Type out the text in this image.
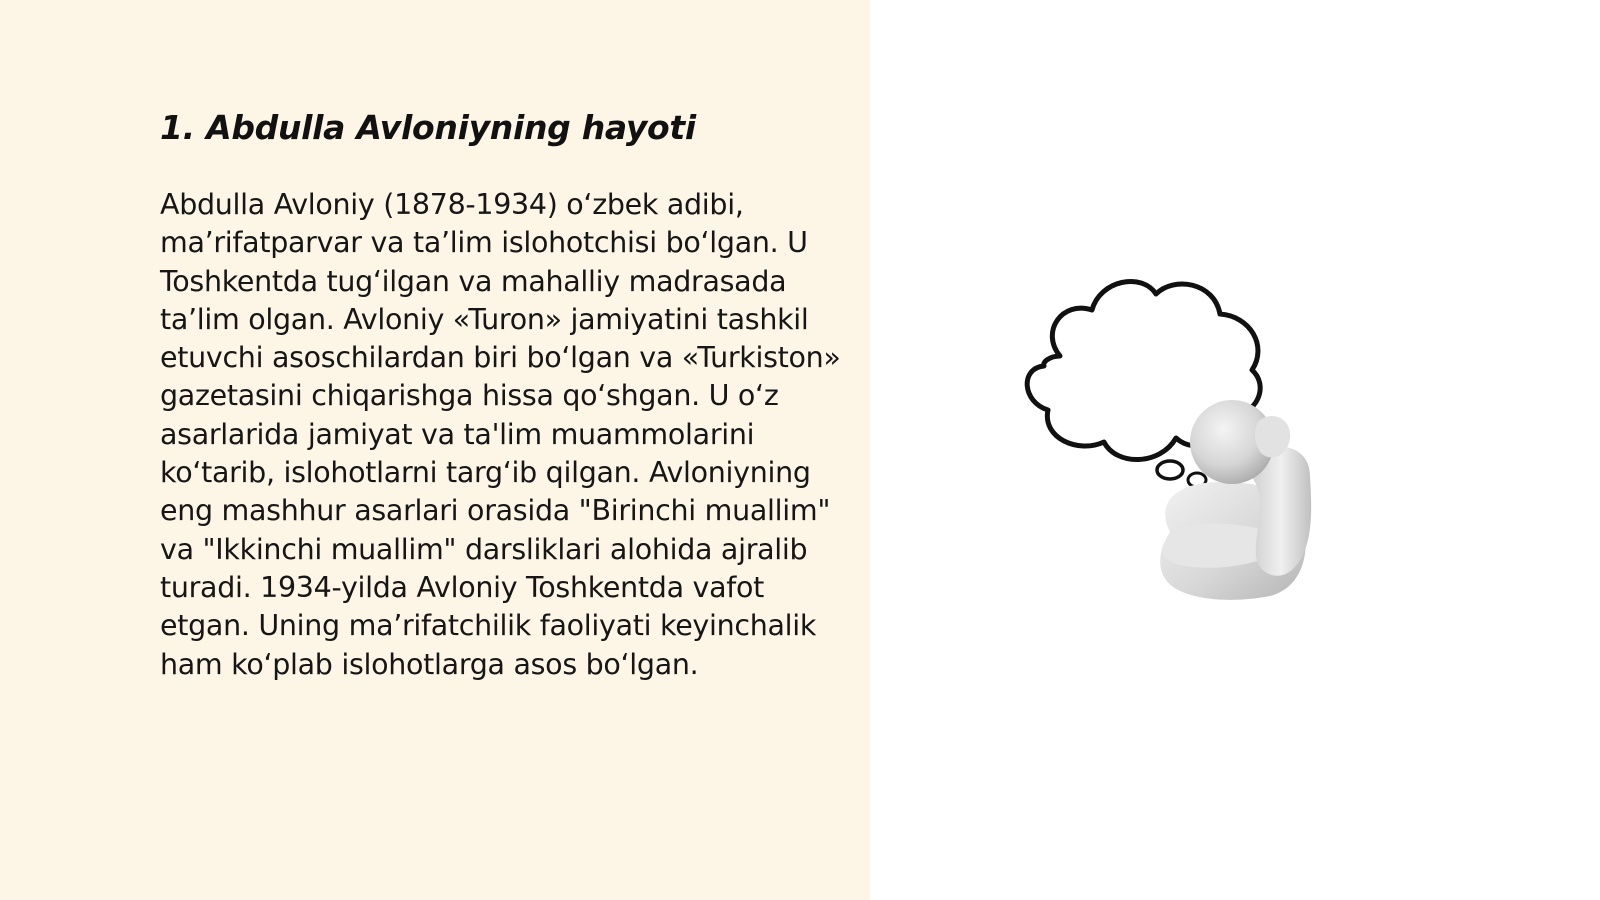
1. Abdulla Avloniyning hayoti

Abdulla Avloniy (1878-1934) o‘zbek adibi, ma’rifatparvar va ta’lim islohotchisi bo‘lgan. U Toshkentda tug‘ilgan va mahalliy madrasada ta’lim olgan. Avloniy «Turon» jamiyatini tashkil etuvchi asoschilardan biri bo‘lgan va «Turkiston» gazetasini chiqarishga hissa qo‘shgan. U o‘z asarlarida jamiyat va ta'lim muammolarini ko‘tarib, islohotlarni targ‘ib qilgan. Avloniyning eng mashhur asarlari orasida "Birinchi muallim" va "Ikkinchi muallim" darsliklari alohida ajralib turadi. 1934-yilda Avloniy Toshkentda vafot etgan. Uning ma’rifatchilik faoliyati keyinchalik ham ko‘plab islohotlarga asos bo‘lgan.
